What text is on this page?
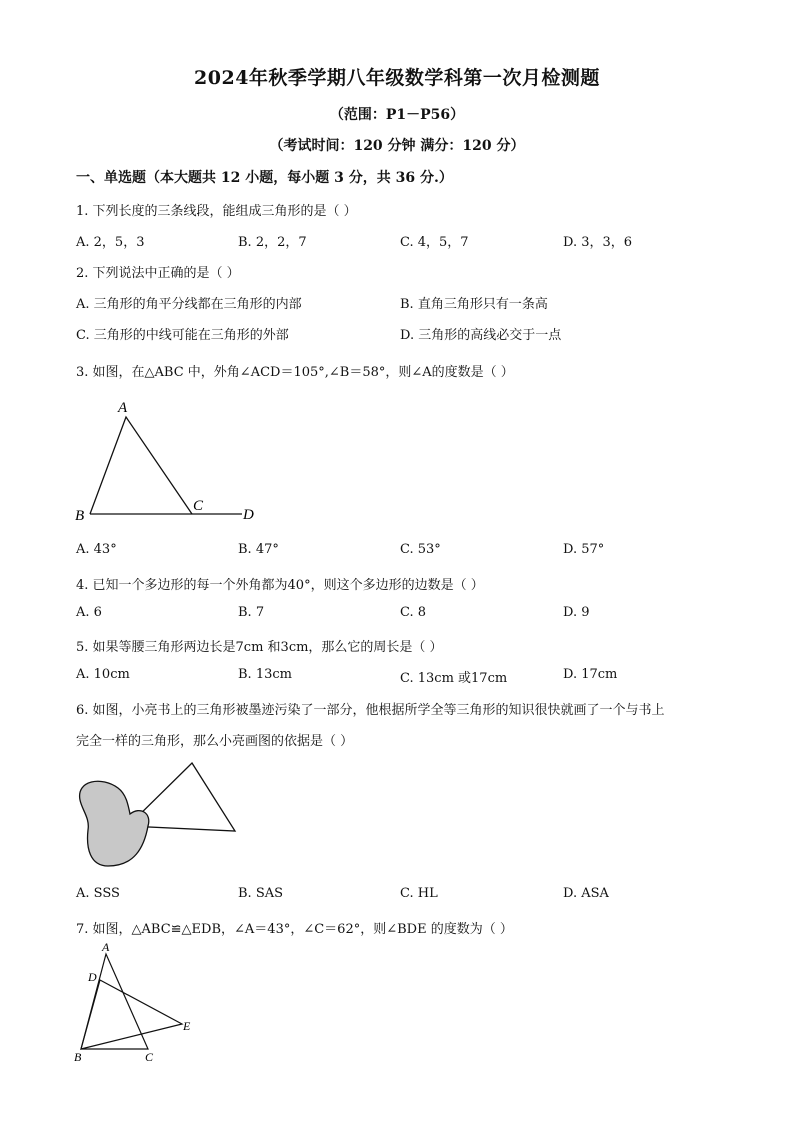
2024年秋季学期八年级数学科第一次月检测题
（范围：P1－P56）
（考试时间：120 分钟 满分：120 分）
一、单选题（本大题共 12 小题，每小题 3 分，共 36 分.）
1. 下列长度的三条线段，能组成三角形的是（ ）
A. 2，5，3	B. 2，2，7	C. 4，5，7	D. 3，3，6
2. 下列说法中正确的是（ ）
A. 三角形的角平分线都在三角形的内部	B. 直角三角形只有一条高
C. 三角形的中线可能在三角形的外部	D. 三角形的高线必交于一点
3. 如图，在△ABC 中，外角∠ACD＝105°,∠B＝58°，则∠A的度数是（ ）
A
B
C
D
A. 43°	B. 47°	C. 53°	D. 57°
4. 已知一个多边形的每一个外角都为40°，则这个多边形的边数是（ ）
A. 6	B. 7	C. 8	D. 9
5. 如果等腰三角形两边长是7cm 和3cm，那么它的周长是（ ）
A. 10cm	B. 13cm	C. 13cm 或17cm	D. 17cm
6. 如图，小亮书上的三角形被墨迹污染了一部分，他根据所学全等三角形的知识很快就画了一个与书上
完全一样的三角形，那么小亮画图的依据是（ ）
A. SSS	B. SAS	C. HL	D. ASA
7. 如图，△ABC≌△EDB，∠A＝43°，∠C＝62°，则∠BDE 的度数为（ ）
A
D
E
B	C
